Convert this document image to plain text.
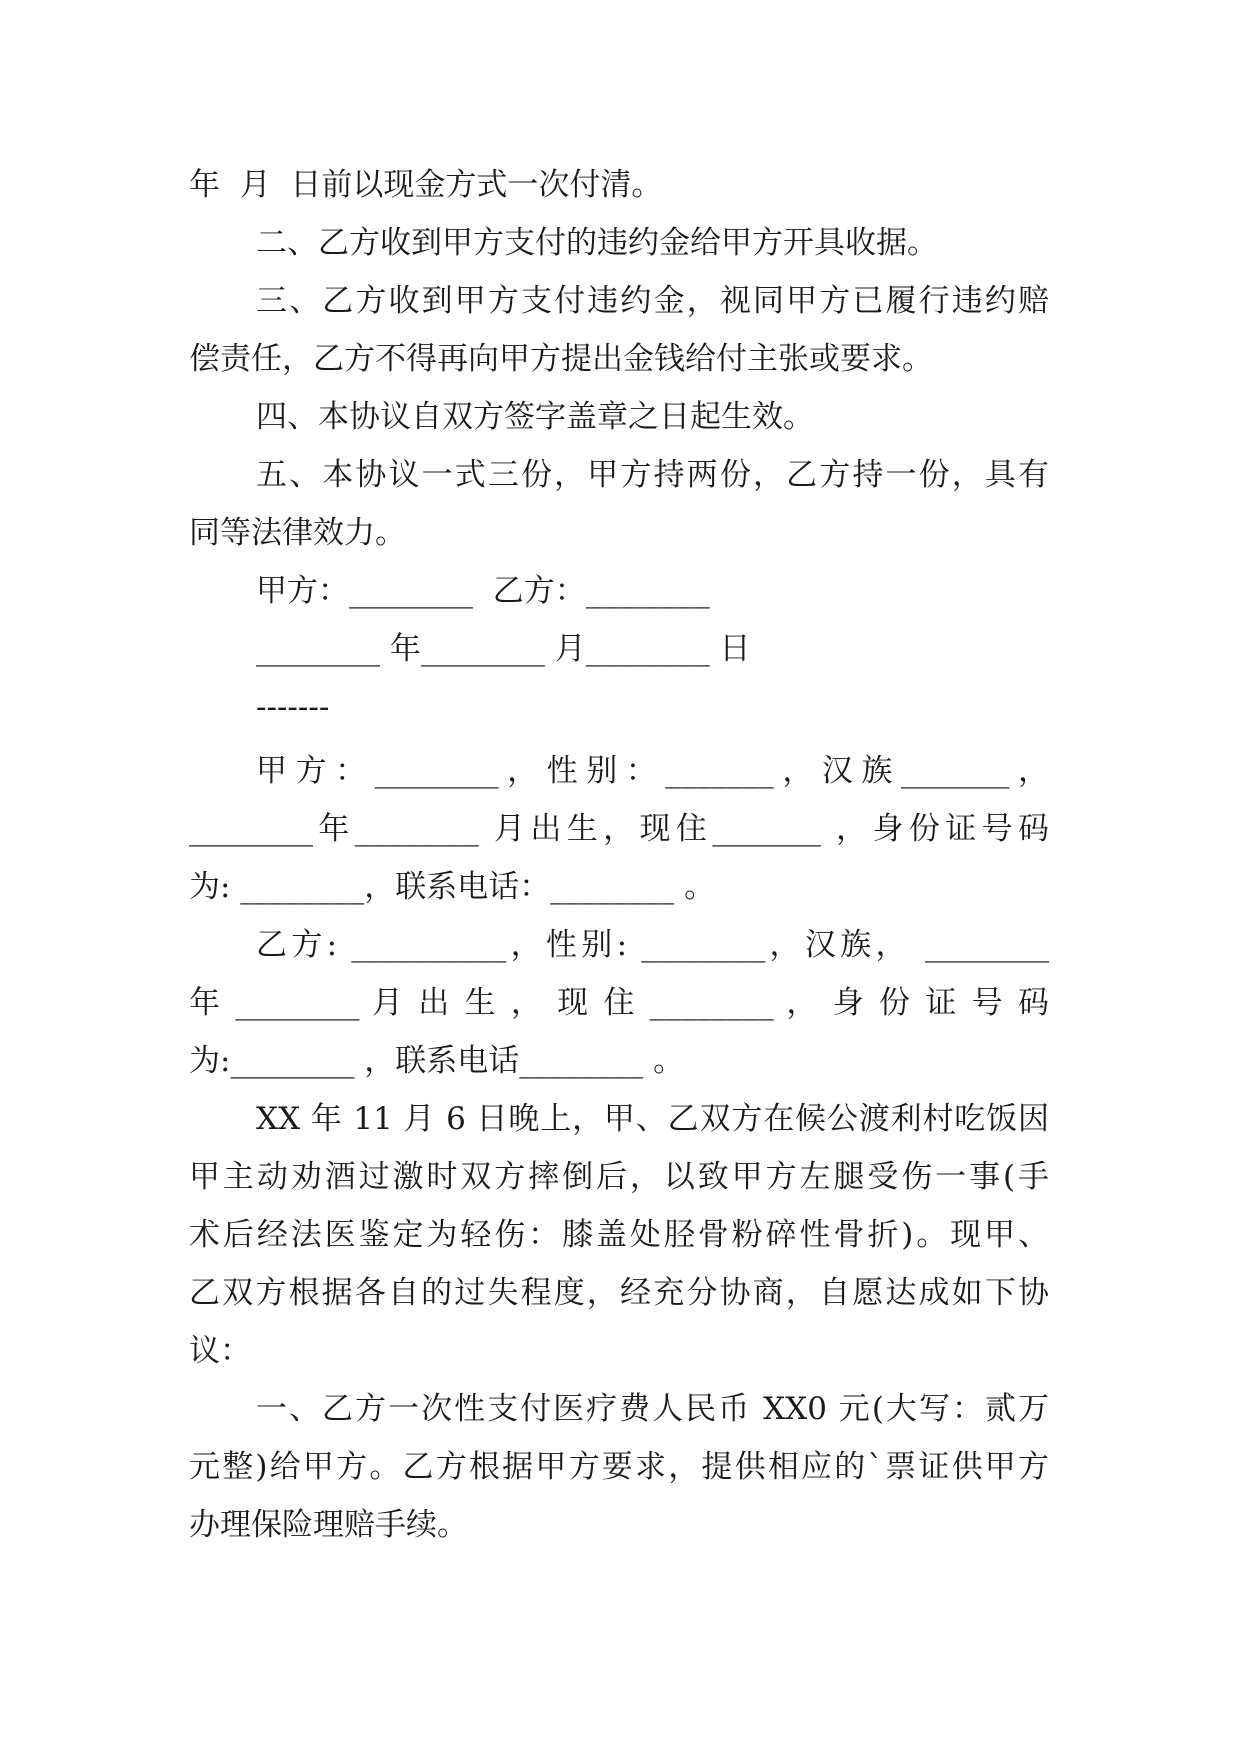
年  月  日前以现金方式一次付清。
二、乙方收到甲方支付的违约金给甲方开具收据。
三、乙方收到甲方支付违约金，视同甲方已履行违约赔
偿责任，乙方不得再向甲方提出金钱给付主张或要求。
四、本协议自双方签字盖章之日起生效。
五、本协议一式三份，甲方持两份，乙方持一份，具有
同等法律效力。
甲方：________  乙方：________
________ 年________ 月________ 日
-------
甲方：________，性别：_______，汉族_______，
________年________ 月出生，现住_______ ，身份证号码
为: ________，联系电话：________ 。
乙方: __________，性别: ________，汉族， ________
年 ________ 月 出 生 ， 现 住 ________ ， 身 份 证 号 码
为:________ ，联系电话________ 。
XX 年 11 月 6 日晚上，甲、乙双方在候公渡利村吃饭因
甲主动劝酒过激时双方摔倒后，以致甲方左腿受伤一事(手
术后经法医鉴定为轻伤：膝盖处胫骨粉碎性骨折)。现甲、
乙双方根据各自的过失程度，经充分协商，自愿达成如下协
议：
一、乙方一次性支付医疗费人民币 XX0 元(大写：贰万
元整)给甲方。乙方根据甲方要求，提供相应的`票证供甲方
办理保险理赔手续。
